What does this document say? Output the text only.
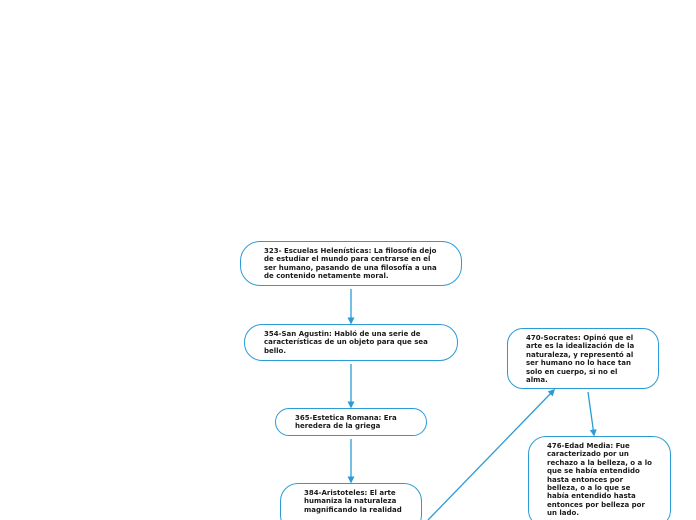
323- Escuelas Helenísticas: La filosofía dejo de estudiar el mundo para centrarse en el ser humano, pasando de una filosofía a una de contenido netamente moral.
354-San Agustin: Habló de una serie de características de un objeto para que sea bello.
365-Estetica Romana: Era heredera de la griega
384-Aristoteles: El arte humaniza la naturaleza magnificando la realidad
470-Socrates: Opinó que el arte es la idealización de la naturaleza, y representó al ser humano no lo hace tan solo en cuerpo, si no el alma.
476-Edad Media: Fue caracterizado por un rechazo a la belleza, o a lo que se había entendido hasta entonces por belleza, o a lo que se había entendido hasta entonces por belleza por un lado.
